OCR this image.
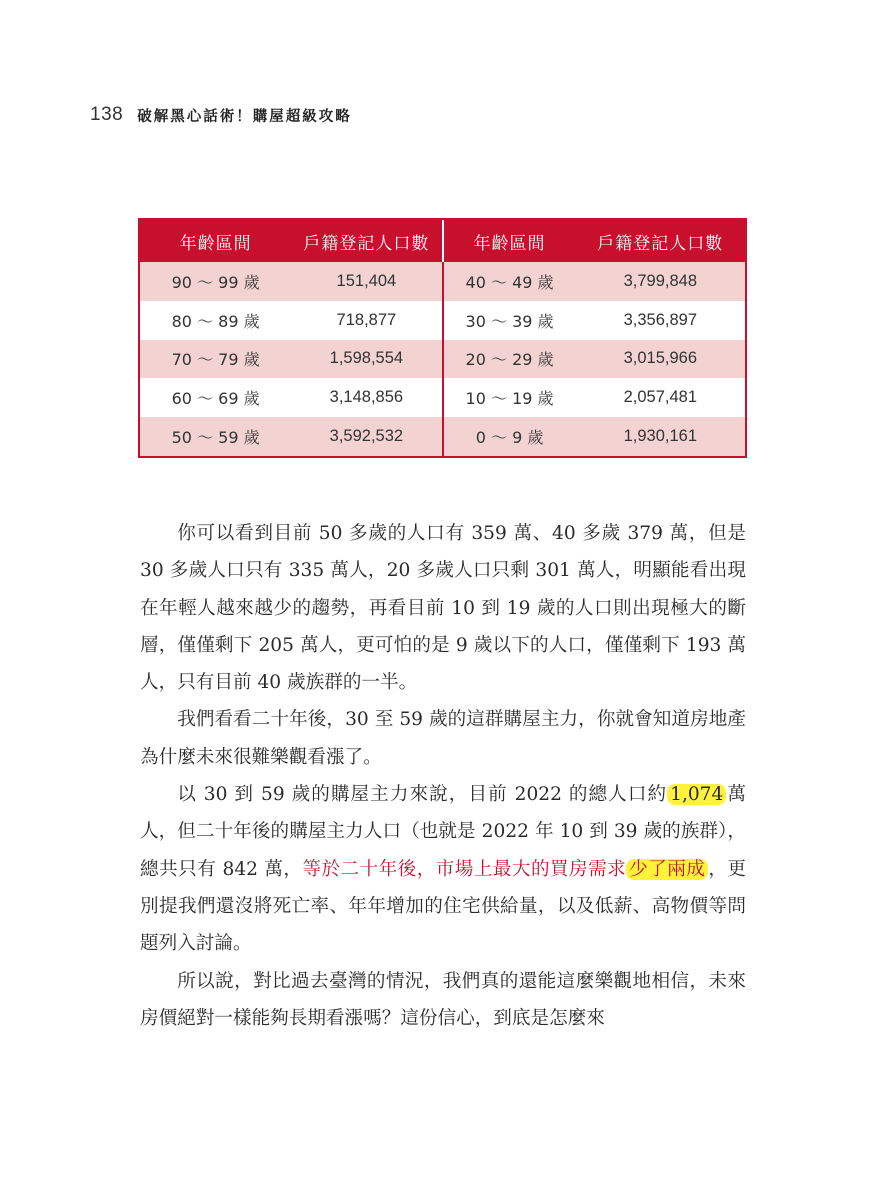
138 破解黑心話術！購屋超級攻略
年齡區間	戶籍登記人口數	年齡區間	戶籍登記人口數
90 ～ 99 歲	151,404	40 ～ 49 歲	3,799,848
80 ～ 89 歲	718,877	30 ～ 39 歲	3,356,897
70 ～ 79 歲	1,598,554	20 ～ 29 歲	3,015,966
60 ～ 69 歲	3,148,856	10 ～ 19 歲	2,057,481
50 ～ 59 歲	3,592,532	0 ～ 9 歲	1,930,161

你可以看到目前 50 多歲的人口有 359 萬、40 多歲 379 萬，但是 30 多歲人口只有 335 萬人，20 多歲人口只剩 301 萬人，明顯能看出現在年輕人越來越少的趨勢，再看目前 10 到 19 歲的人口則出現極大的斷層，僅僅剩下 205 萬人，更可怕的是 9 歲以下的人口，僅僅剩下 193 萬人，只有目前 40 歲族群的一半。

我們看看二十年後，30 至 59 歲的這群購屋主力，你就會知道房地產為什麼未來很難樂觀看漲了。

以 30 到 59 歲的購屋主力來說，目前 2022 的總人口約 1,074 萬人，但二十年後的購屋主力人口（也就是 2022 年 10 到 39 歲的族群），總共只有 842 萬，等於二十年後，市場上最大的買房需求 少了兩成 ，更別提我們還沒將死亡率、年年增加的住宅供給量，以及低薪、高物價等問題列入討論。

所以說，對比過去臺灣的情況，我們真的還能這麼樂觀地相信，未來房價絕對一樣能夠長期看漲嗎？這份信心，到底是怎麼來
